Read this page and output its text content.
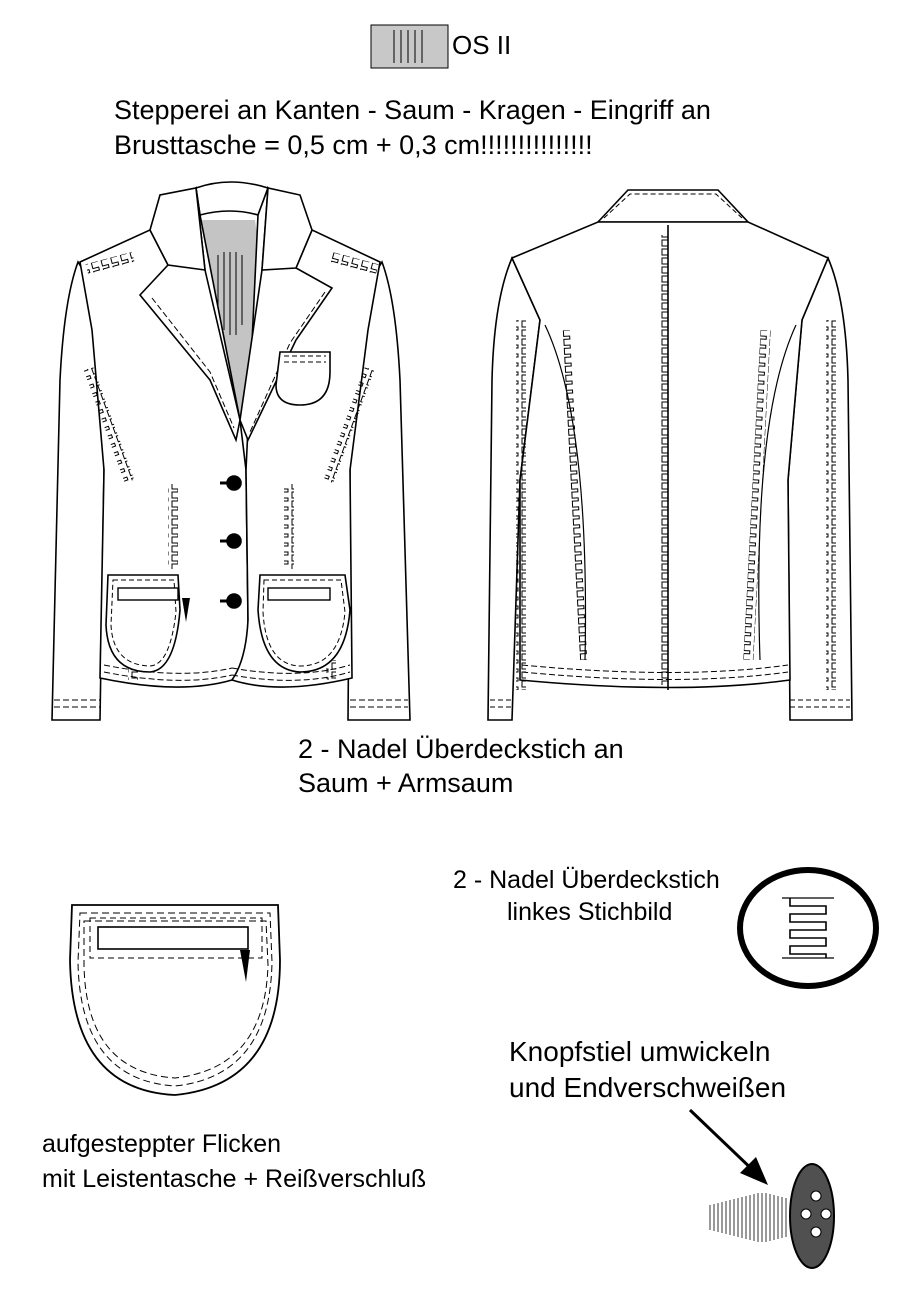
OS II
Stepperei an Kanten - Saum - Kragen - Eingriff an
Brusttasche = 0,5 cm + 0,3 cm!!!!!!!!!!!!!!!
2 - Nadel Überdeckstich an
Saum + Armsaum
2 - Nadel Überdeckstich
linkes Stichbild
Knopfstiel umwickeln
und Endverschweißen
aufgesteppter Flicken
mit Leistentasche + Reißverschluß
